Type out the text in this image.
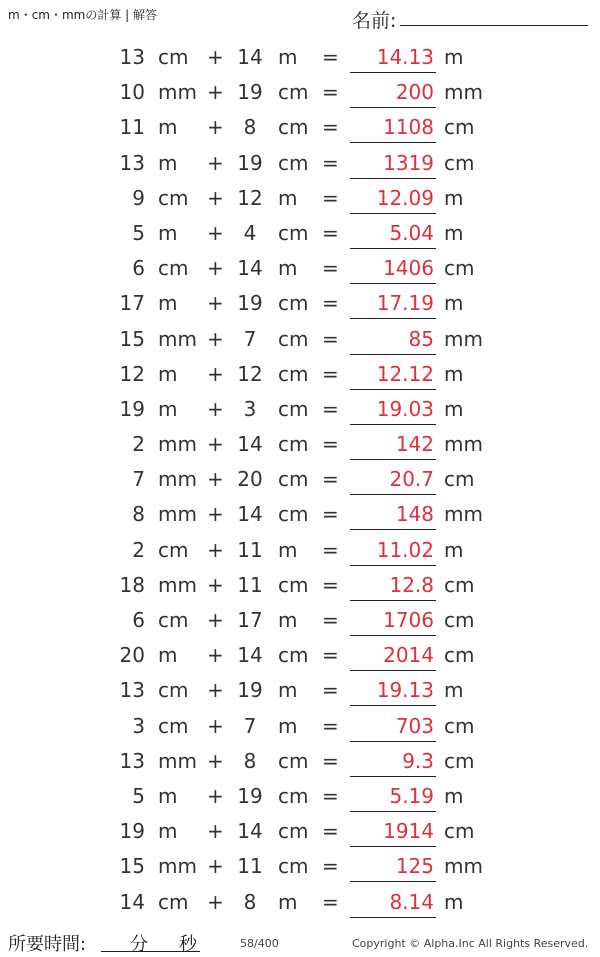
m・cm・mmの計算 | 解答	名前:
13 cm + 14 m =	14.13 m
10 mm + 19 cm =	200 mm
11 m + 8	cm =	1108 cm
13 m + 19 cm =	1319 cm
9 cm + 12 m =	12.09 m
5 m + 4	cm =	5.04 m
6 cm + 14 m =	1406 cm
17 m + 19 cm =	17.19 m
15 mm + 7	cm =	85 mm
12 m + 12 cm =	12.12 m
19 m + 3	cm =	19.03 m
2 mm + 14 cm =	142 mm
7 mm + 20 cm =	20.7 cm
8 mm + 14 cm =	148 mm
2 cm + 11 m =	11.02 m
18 mm + 11 cm =	12.8 cm
6 cm + 17 m =	1706 cm
20 m + 14 cm =	2014 cm
13 cm + 19 m =	19.13 m
3 cm + 7	m =	703 cm
13 mm + 8	cm =	9.3 cm
5 m + 19 cm =	5.19 m
19 m + 14 cm =	1914 cm
15 mm + 11 cm =	125 mm
14 cm + 8	m =	8.14 m
所要時間: 分 秒	58/400	Copyright © Alpha.Inc All Rights Reserved.
